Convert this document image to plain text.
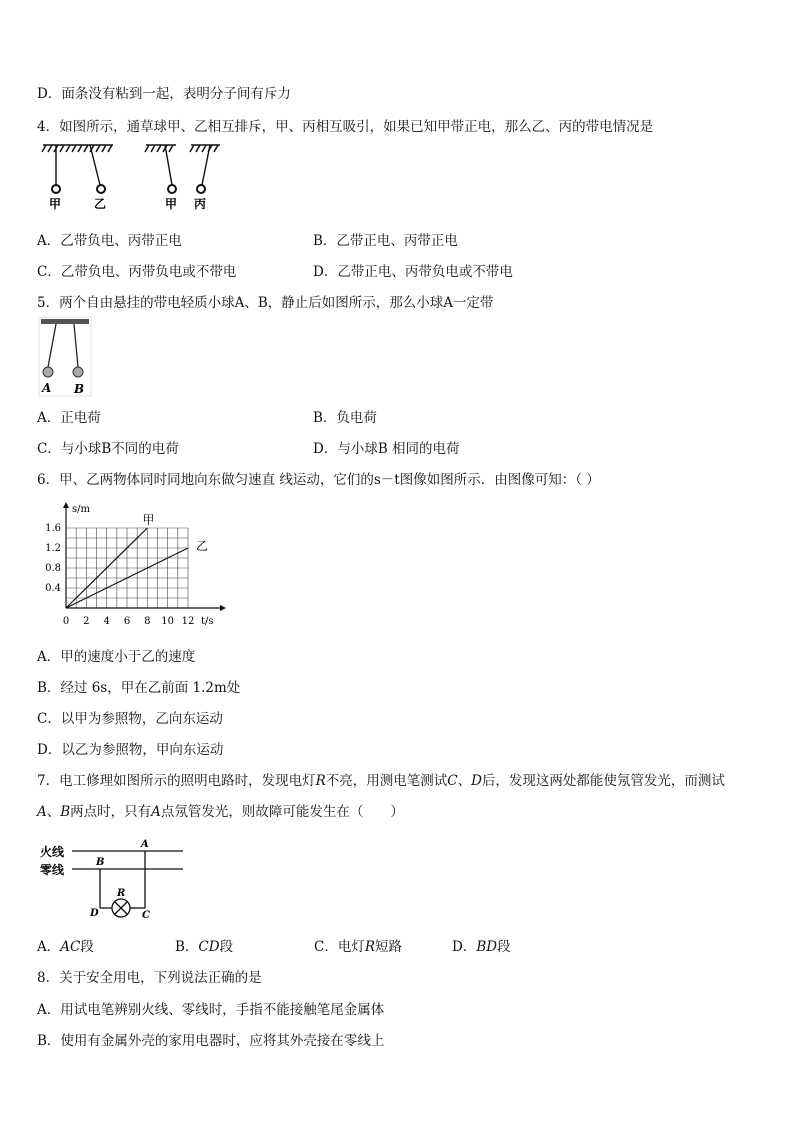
D．面条没有粘到一起，表明分子间有斥力
4．如图所示，通草球甲、乙相互排斥，甲、丙相互吸引，如果已知甲带正电，那么乙、丙的带电情况是
甲	乙	甲 丙
A．乙带负电、丙带正电	B．乙带正电、丙带正电
C．乙带负电、丙带负电或不带电	D．乙带正电、丙带负电或不带电
5．两个自由悬挂的带电轻质小球A、B，静止后如图所示，那么小球A一定带
A B
A．正电荷	B．负电荷
C．与小球B不同的电荷	D．与小球B 相同的电荷
6．甲、乙两物体同时同地向东做匀速直 线运动，它们的s－t图像如图所示．由图像可知：（ ）
s/m
t/s
0 2 4 6 8 10 12
0.4
0.8
1.2
1.6
甲
乙
A．甲的速度小于乙的速度
B．经过 6s，甲在乙前面 1.2m处
C．以甲为参照物，乙向东运动
D．以乙为参照物，甲向东运动
7．电工修理如图所示的照明电路时，发现电灯R不亮，用测电笔测试C、D后，发现这两处都能使氖管发光，而测试
A、B两点时，只有A点氖管发光，则故障可能发生在（　　）
火线
零线
A
B
R
D	C
A．AC段	B．CD段	C．电灯R短路	D．BD段
8．关于安全用电，下列说法正确的是
A．用试电笔辨别火线、零线时，手指不能接触笔尾金属体
B．使用有金属外壳的家用电器时，应将其外壳接在零线上
